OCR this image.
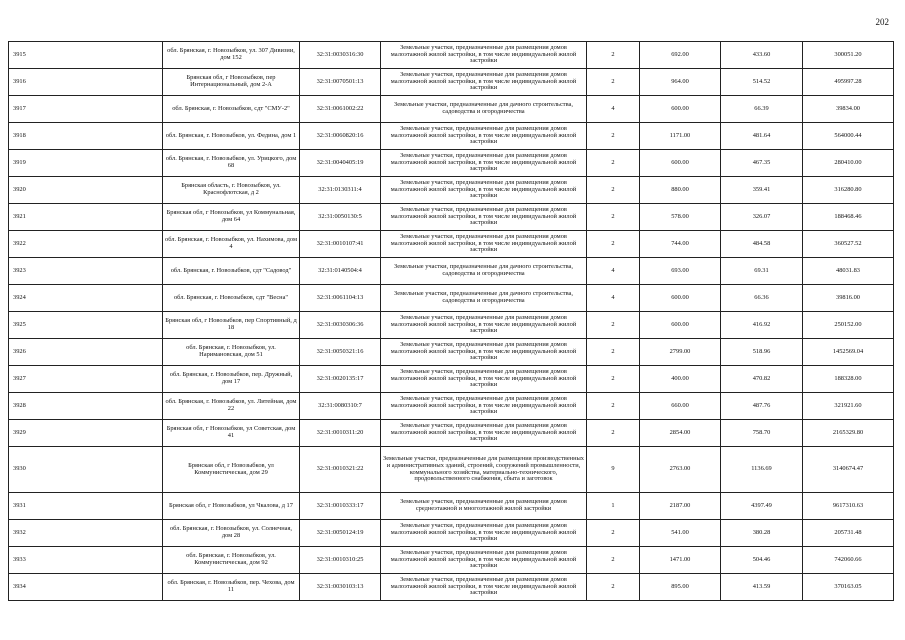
202
3915	обл. Брянская, г. Новозыбков, ул. 307 Дивизии, дом 152	32:31:0030316:30	Земельные участки, предназначенные для размещения домов малоэтажной жилой застройки, в том числе индивидуальной жилой застройки	2	692.00	433.60	300051.20
3916	Брянская обл, г Новозыбков, пер Интернациональный, дом 2-А	32:31:0070501:13	Земельные участки, предназначенные для размещения домов малоэтажной жилой застройки, в том числе индивидуальной жилой застройки	2	964.00	514.52	495997.28
3917	обл. Брянская, г. Новозыбков, сдт "СМУ-2"	32:31:0061002:22	Земельные участки, предназначенные для дачного строительства, садоводства и огородничества	4	600.00	66.39	39834.00
3918	обл. Брянская, г. Новозыбков, ул. Федина, дом 1	32:31:0060820:16	Земельные участки, предназначенные для размещения домов малоэтажной жилой застройки, в том числе индивидуальной жилой застройки	2	1171.00	481.64	564000.44
3919	обл. Брянская, г. Новозыбков, ул. Урицкого, дом 68	32:31:0040405:19	Земельные участки, предназначенные для размещения домов малоэтажной жилой застройки, в том числе индивидуальной жилой застройки	2	600.00	467.35	280410.00
3920	Брянская область, г. Новозыбков, ул. Краснофлотская, д 2	32:31:0130311:4	Земельные участки, предназначенные для размещения домов малоэтажной жилой застройки, в том числе индивидуальной жилой застройки	2	880.00	359.41	316280.80
3921	Брянская обл, г Новозыбков, ул Коммунальная, дом 64	32:31:0050130:5	Земельные участки, предназначенные для размещения домов малоэтажной жилой застройки, в том числе индивидуальной жилой застройки	2	578.00	326.07	188468.46
3922	обл. Брянская, г. Новозыбков, ул. Нахимова, дом 4	32:31:0010107:41	Земельные участки, предназначенные для размещения домов малоэтажной жилой застройки, в том числе индивидуальной жилой застройки	2	744.00	484.58	360527.52
3923	обл. Брянская, г. Новозыбков, сдт "Садовод"	32:31:0140504:4	Земельные участки, предназначенные для дачного строительства, садоводства и огородничества	4	693.00	69.31	48031.83
3924	обл. Брянская, г. Новозыбков, сдт "Весна"	32:31:0061104:13	Земельные участки, предназначенные для дачного строительства, садоводства и огородничества	4	600.00	66.36	39816.00
3925	Брянская обл, г Новозыбков, пер Спортивный, д 18	32:31:0030306:36	Земельные участки, предназначенные для размещения домов малоэтажной жилой застройки, в том числе индивидуальной жилой застройки	2	600.00	416.92	250152.00
3926	обл. Брянская, г. Новозыбков, ул. Наримановская, дом 51	32:31:0050321:16	Земельные участки, предназначенные для размещения домов малоэтажной жилой застройки, в том числе индивидуальной жилой застройки	2	2799.00	518.96	1452569.04
3927	обл. Брянская, г. Новозыбков, пер. Дружный, дом 17	32:31:0020135:17	Земельные участки, предназначенные для размещения домов малоэтажной жилой застройки, в том числе индивидуальной жилой застройки	2	400.00	470.82	188328.00
3928	обл. Брянская, г. Новозыбков, ул. Литейная, дом 22	32:31:0080310:7	Земельные участки, предназначенные для размещения домов малоэтажной жилой застройки, в том числе индивидуальной жилой застройки	2	660.00	487.76	321921.60
3929	Брянская обл, г Новозыбков, ул Советская, дом 41	32:31:0010311:20	Земельные участки, предназначенные для размещения домов малоэтажной жилой застройки, в том числе индивидуальной жилой застройки	2	2854.00	758.70	2165329.80
3930	Брянская обл, г Новозыбков, ул Коммунистическая, дом 29	32:31:0010321:22	Земельные участки, предназначенные для размещения производственных и административных зданий, строений, сооружений промышленности, коммунального хозяйства, материально-технического, продовольственного снабжения, сбыта и заготовок	9	2763.00	1136.69	3140674.47
3931	Брянская обл, г Новозыбков, ул Чкалова, д 17	32:31:0010333:17	Земельные участки, предназначенные для размещения домов среднеэтажной и многоэтажной жилой застройки	1	2187.00	4397.49	9617310.63
3932	обл. Брянская, г. Новозыбков, ул. Солнечная, дом 28	32:31:0050124:19	Земельные участки, предназначенные для размещения домов малоэтажной жилой застройки, в том числе индивидуальной жилой застройки	2	541.00	380.28	205731.48
3933	обл. Брянская, г. Новозыбков, ул. Коммунистическая, дом 92	32:31:0010310:25	Земельные участки, предназначенные для размещения домов малоэтажной жилой застройки, в том числе индивидуальной жилой застройки	2	1471.00	504.46	742060.66
3934	обл. Брянская, г. Новозыбков, пер. Чехова, дом 11	32:31:0030103:13	Земельные участки, предназначенные для размещения домов малоэтажной жилой застройки, в том числе индивидуальной жилой застройки	2	895.00	413.59	370163.05
